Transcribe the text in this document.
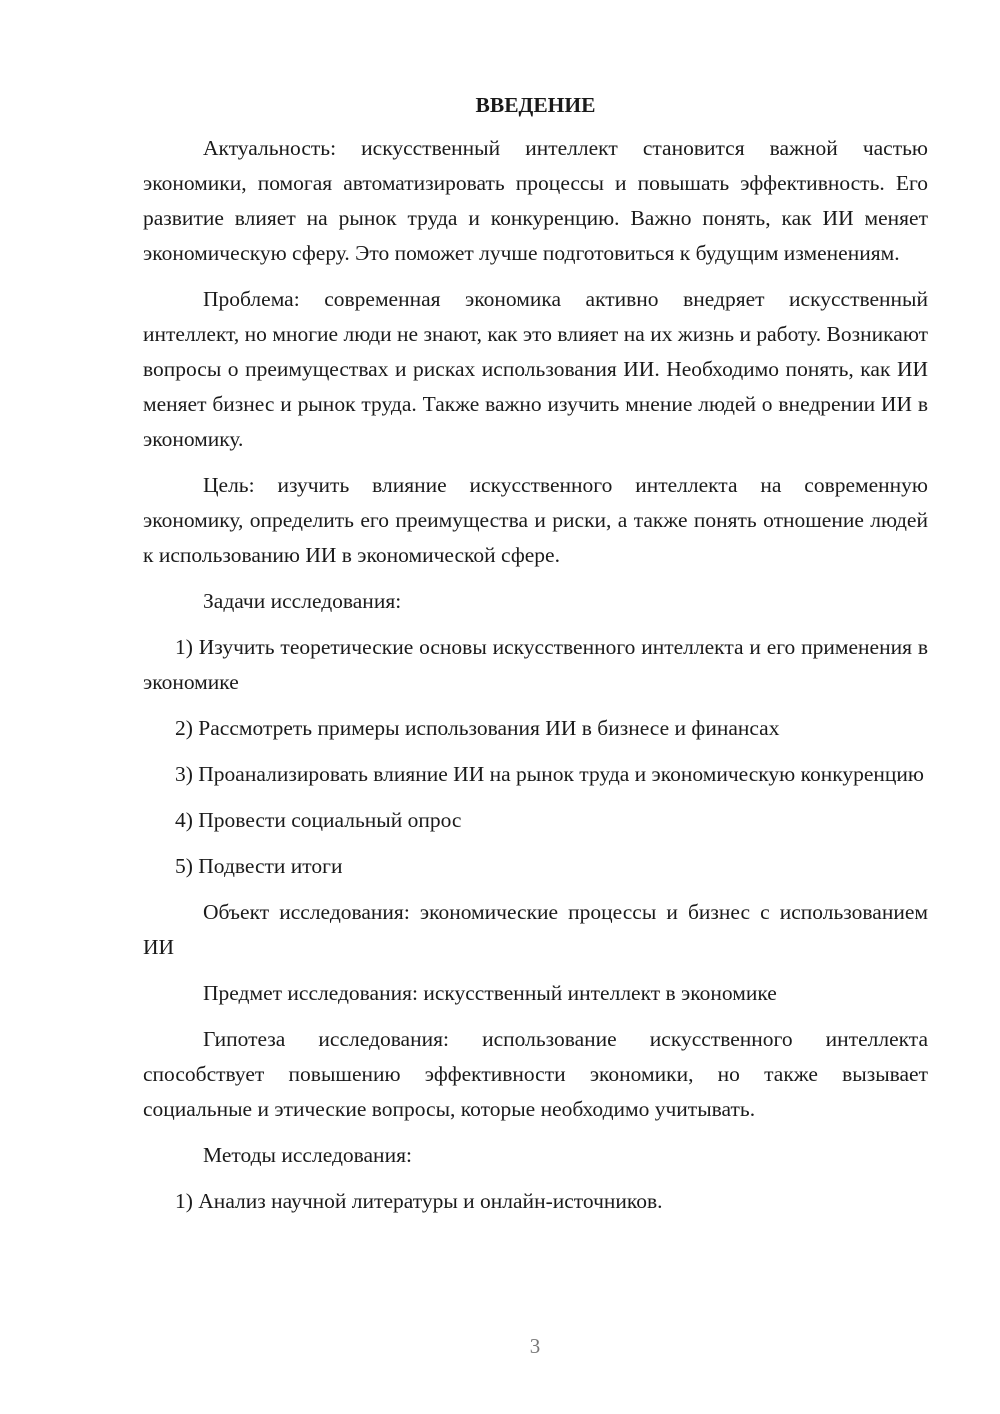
ВВЕДЕНИЕ

Актуальность: искусственный интеллект становится важной частью экономики, помогая автоматизировать процессы и повышать эффективность. Его развитие влияет на рынок труда и конкуренцию. Важно понять, как ИИ меняет экономическую сферу. Это поможет лучше подготовиться к будущим изменениям.

Проблема: современная экономика активно внедряет искусственный интеллект, но многие люди не знают, как это влияет на их жизнь и работу. Возникают вопросы о преимуществах и рисках использования ИИ. Необходимо понять, как ИИ меняет бизнес и рынок труда. Также важно изучить мнение людей о внедрении ИИ в экономику.

Цель: изучить влияние искусственного интеллекта на современную экономику, определить его преимущества и риски, а также понять отношение людей к использованию ИИ в экономической сфере.

Задачи исследования:

1) Изучить теоретические основы искусственного интеллекта и его применения в экономике

2) Рассмотреть примеры использования ИИ в бизнесе и финансах

3) Проанализировать влияние ИИ на рынок труда и экономическую конкуренцию

4) Провести социальный опрос

5) Подвести итоги

Объект исследования: экономические процессы и бизнес с использованием ИИ

Предмет исследования: искусственный интеллект в экономике

Гипотеза исследования: использование искусственного интеллекта способствует повышению эффективности экономики, но также вызывает социальные и этические вопросы, которые необходимо учитывать.

Методы исследования:

1) Анализ научной литературы и онлайн-источников.

3
